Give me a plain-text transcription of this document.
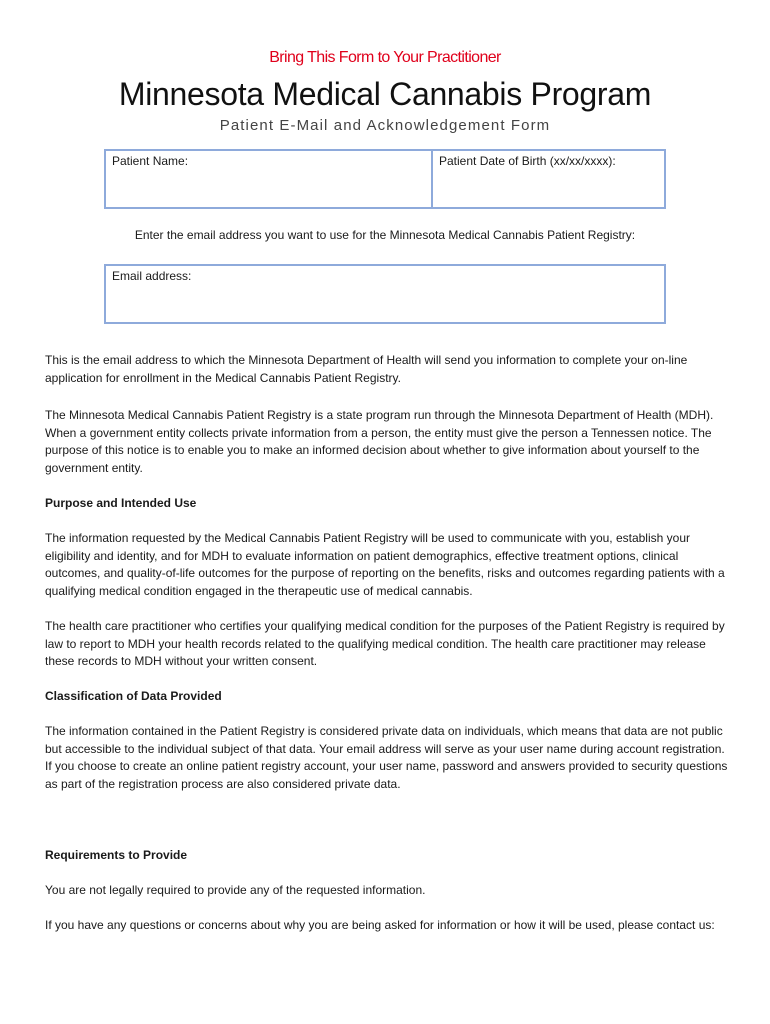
Bring This Form to Your Practitioner
Minnesota Medical Cannabis Program
Patient E-Mail and Acknowledgement Form
Patient Name:	Patient Date of Birth (xx/xx/xxxx):
Enter the email address you want to use for the Minnesota Medical Cannabis Patient Registry:
Email address:

This is the email address to which the Minnesota Department of Health will send you information to complete your on-line application for enrollment in the Medical Cannabis Patient Registry.

The Minnesota Medical Cannabis Patient Registry is a state program run through the Minnesota Department of Health (MDH). When a government entity collects private information from a person, the entity must give the person a Tennessen notice. The purpose of this notice is to enable you to make an informed decision about whether to give information about yourself to the government entity.

Purpose and Intended Use

The information requested by the Medical Cannabis Patient Registry will be used to communicate with you, establish your eligibility and identity, and for MDH to evaluate information on patient demographics, effective treatment options, clinical outcomes, and quality-of-life outcomes for the purpose of reporting on the benefits, risks and outcomes regarding patients with a qualifying medical condition engaged in the therapeutic use of medical cannabis.

The health care practitioner who certifies your qualifying medical condition for the purposes of the Patient Registry is required by law to report to MDH your health records related to the qualifying medical condition. The health care practitioner may release these records to MDH without your written consent.

Classification of Data Provided

The information contained in the Patient Registry is considered private data on individuals, which means that data are not public but accessible to the individual subject of that data. Your email address will serve as your user name during account registration. If you choose to create an online patient registry account, your user name, password and answers provided to security questions as part of the registration process are also considered private data.

Requirements to Provide

You are not legally required to provide any of the requested information.

If you have any questions or concerns about why you are being asked for information or how it will be used, please contact us:
